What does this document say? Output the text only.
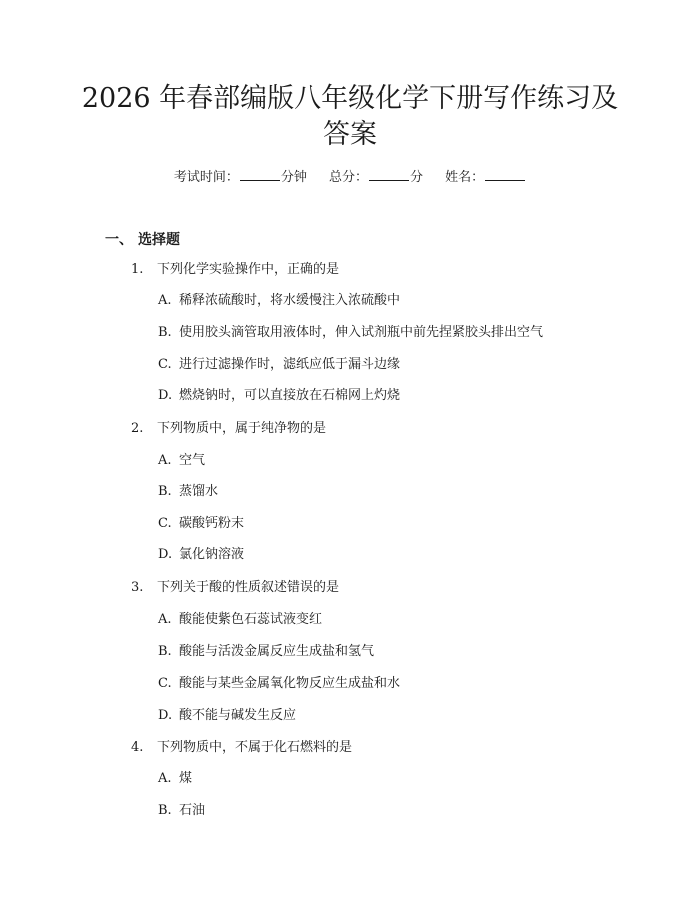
2026 年春部编版八年级化学下册写作练习及
答案
考试时间：	分钟 总分：	分 姓名：
一、 选择题
1. 下列化学实验操作中，正确的是
A. 稀释浓硫酸时，将水缓慢注入浓硫酸中
B. 使用胶头滴管取用液体时，伸入试剂瓶中前先捏紧胶头排出空气
C. 进行过滤操作时，滤纸应低于漏斗边缘
D. 燃烧钠时，可以直接放在石棉网上灼烧
2. 下列物质中，属于纯净物的是
A. 空气
B. 蒸馏水
C. 碳酸钙粉末
D. 氯化钠溶液
3. 下列关于酸的性质叙述错误的是
A. 酸能使紫色石蕊试液变红
B. 酸能与活泼金属反应生成盐和氢气
C. 酸能与某些金属氧化物反应生成盐和水
D. 酸不能与碱发生反应
4. 下列物质中，不属于化石燃料的是
A. 煤
B. 石油
